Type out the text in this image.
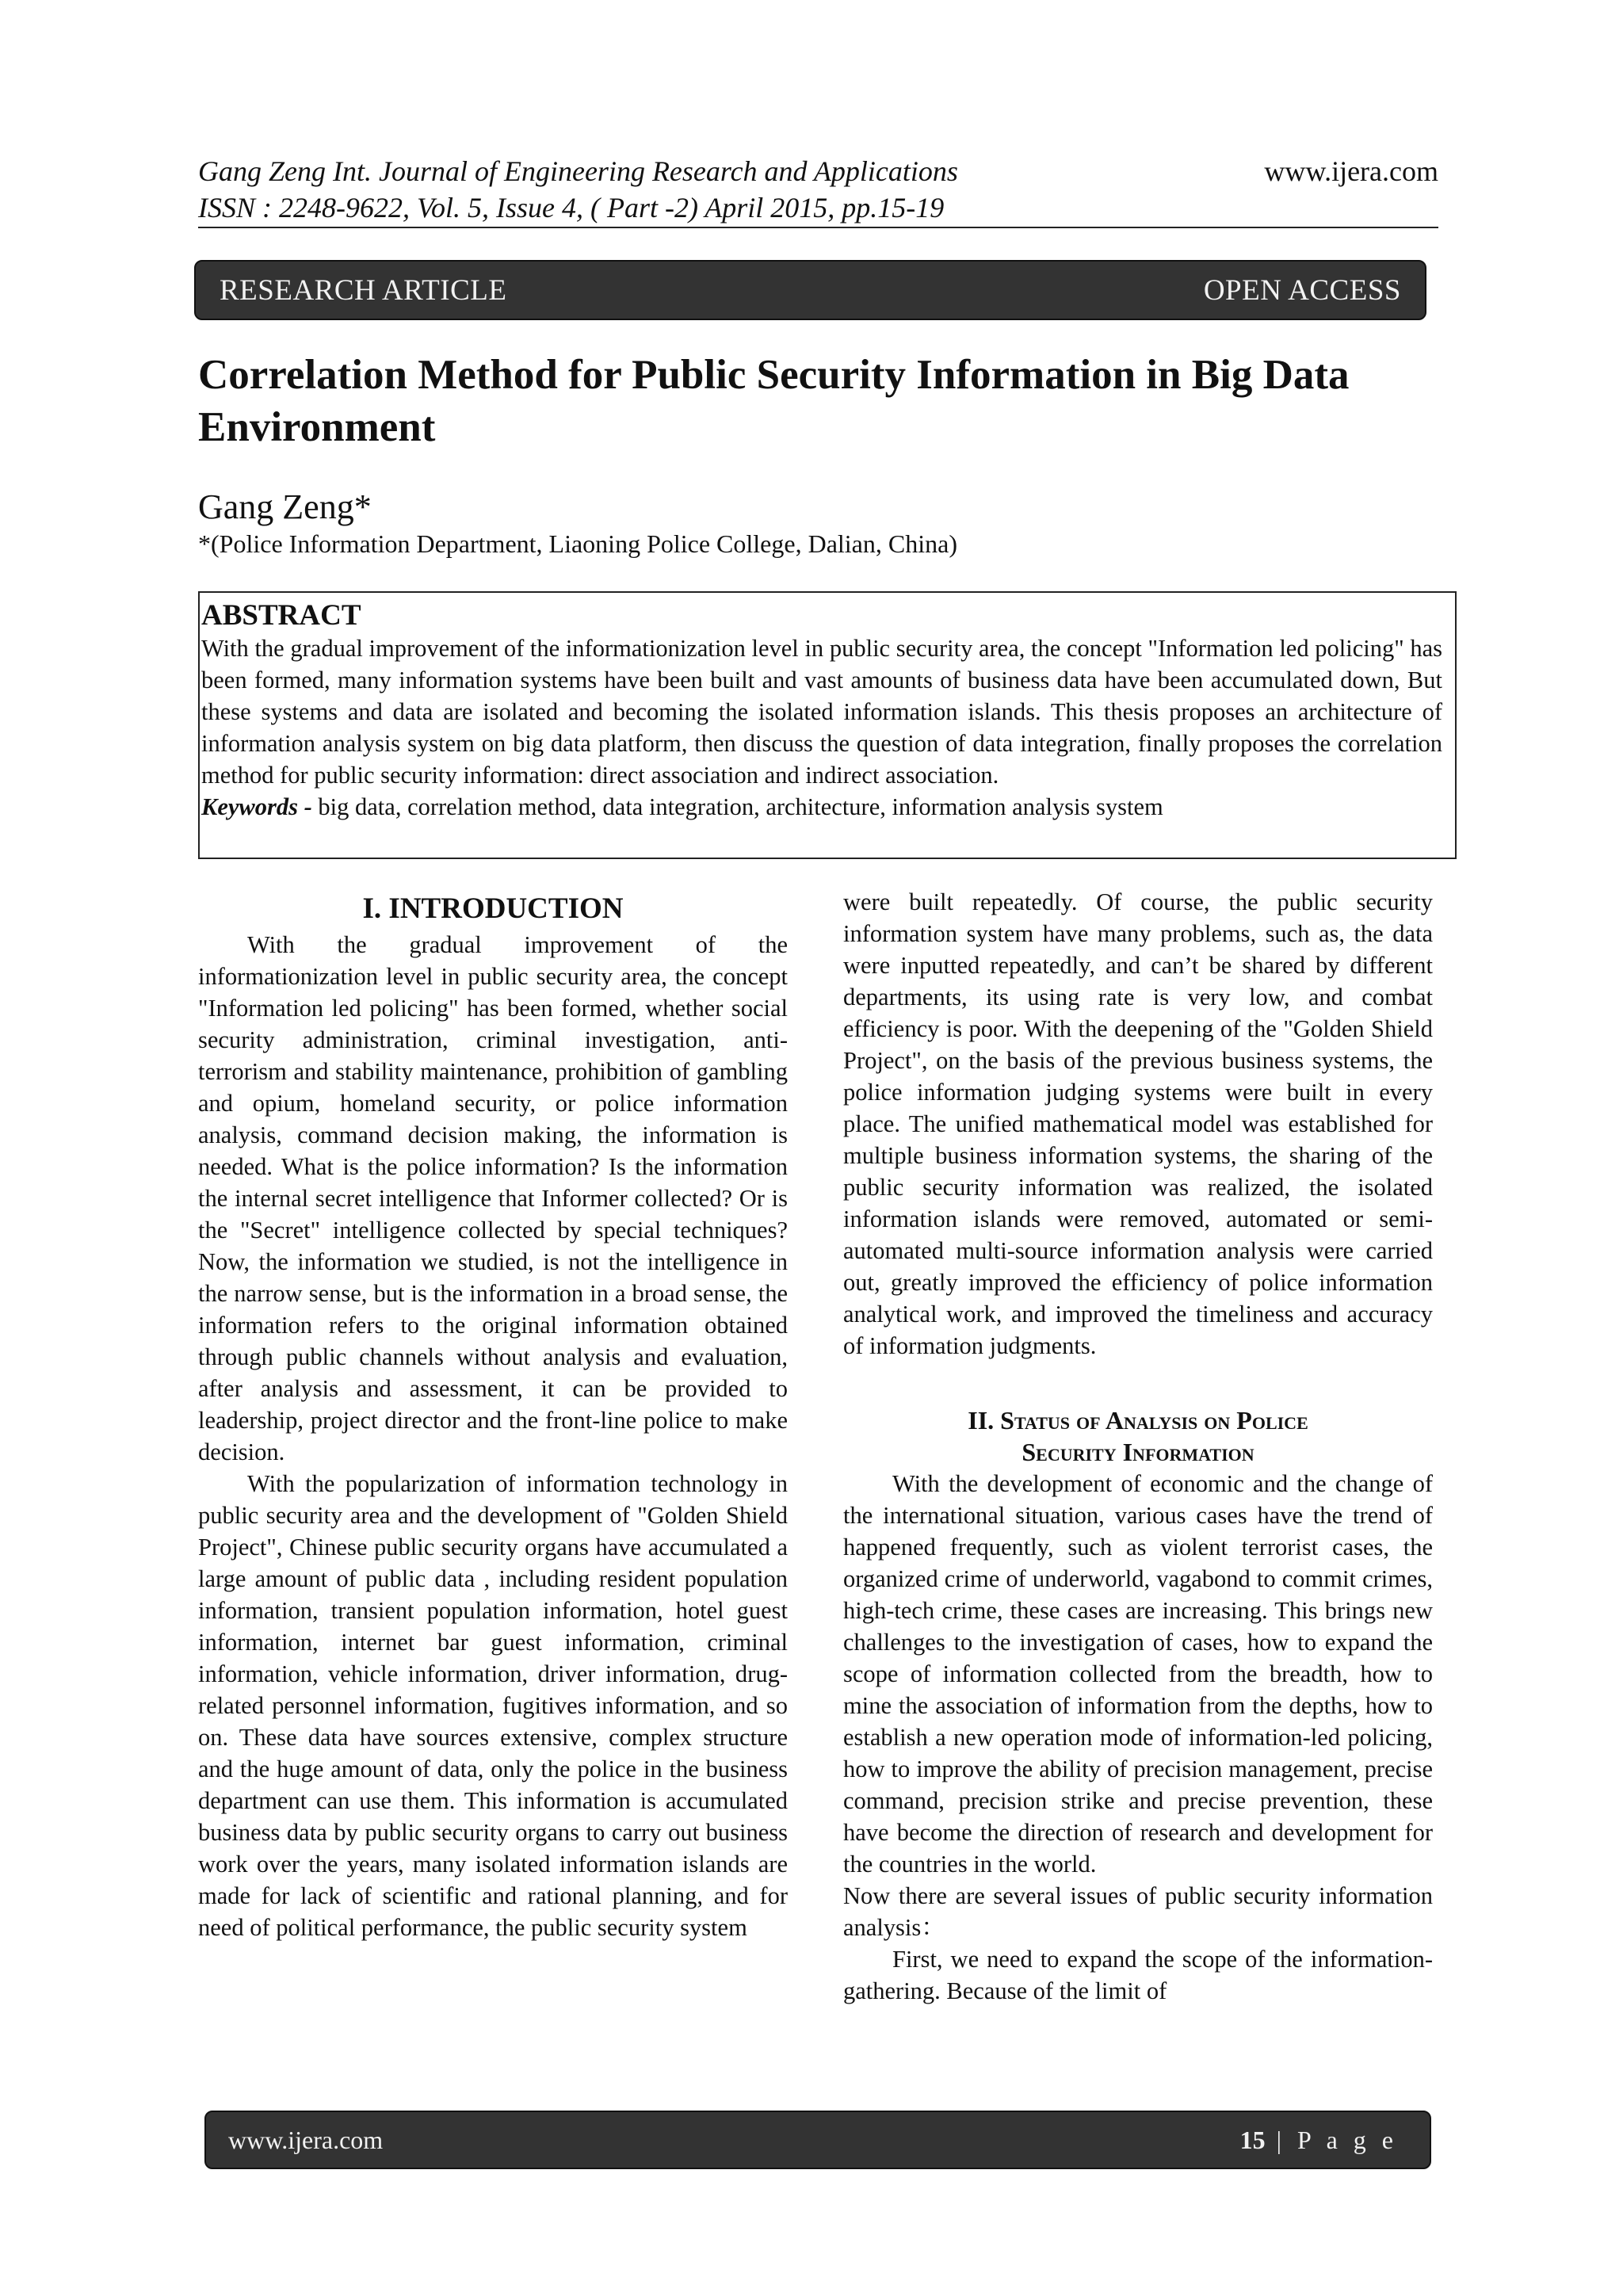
Gang Zeng Int. Journal of Engineering Research and Applications	www.ijera.com
ISSN : 2248-9622, Vol. 5, Issue 4, ( Part -2) April 2015, pp.15-19
RESEARCH ARTICLE	OPEN ACCESS
Correlation Method for Public Security Information in Big Data Environment
Gang Zeng*
*(Police Information Department, Liaoning Police College, Dalian, China)
ABSTRACT

With the gradual improvement of the informationization level in public security area, the concept "Information led policing" has been formed, many information systems have been built and vast amounts of business data have been accumulated down, But these systems and data are isolated and becoming the isolated information islands. This thesis proposes an architecture of information analysis system on big data platform, then discuss the question of data integration, finally proposes the correlation method for public security information: direct association and indirect association.

Keywords - big data, correlation method, data integration, architecture, information analysis system

I. INTRODUCTION

With the gradual improvement of the informationization level in public security area, the concept "Information led policing" has been formed, whether social security administration, criminal investigation, anti-terrorism and stability maintenance, prohibition of gambling and opium, homeland security, or police information analysis, command decision making, the information is needed. What is the police information? Is the information the internal secret intelligence that Informer collected? Or is the "Secret" intelligence collected by special techniques? Now, the information we studied, is not the intelligence in the narrow sense, but is the information in a broad sense, the information refers to the original information obtained through public channels without analysis and evaluation, after analysis and assessment, it can be provided to leadership, project director and the front-line police to make decision.

With the popularization of information technology in public security area and the development of "Golden Shield Project", Chinese public security organs have accumulated a large amount of public data , including resident population information, transient population information, hotel guest information, internet bar guest information, criminal information, vehicle information, driver information, drug-related personnel information, fugitives information, and so on. These data have sources extensive, complex structure and the huge amount of data, only the police in the business department can use them. This information is accumulated business data by public security organs to carry out business work over the years, many isolated information islands are made for lack of scientific and rational planning, and for need of political performance, the public security system

were built repeatedly. Of course, the public security information system have many problems, such as, the data were inputted repeatedly, and can’t be shared by different departments, its using rate is very low, and combat efficiency is poor. With the deepening of the "Golden Shield Project", on the basis of the previous business systems, the police information judging systems were built in every place. The unified mathematical model was established for multiple business information systems, the sharing of the public security information was realized, the isolated information islands were removed, automated or semi-automated multi-source information analysis were carried out, greatly improved the efficiency of police information analytical work, and improved the timeliness and accuracy of information judgments.

II. Status of Analysis on Police
Security Information

With the development of economic and the change of the international situation, various cases have the trend of happened frequently, such as violent terrorist cases, the organized crime of underworld, vagabond to commit crimes, high-tech crime, these cases are increasing. This brings new challenges to the investigation of cases, how to expand the scope of information collected from the breadth, how to mine the association of information from the depths, how to establish a new operation mode of information-led policing, how to improve the ability of precision management, precise command, precision strike and precise prevention, these have become the direction of research and development for the countries in the world.

Now there are several issues of public security information analysis：

First, we need to expand the scope of the information-gathering. Because of the limit of

www.ijera.com	15 | P a g e
